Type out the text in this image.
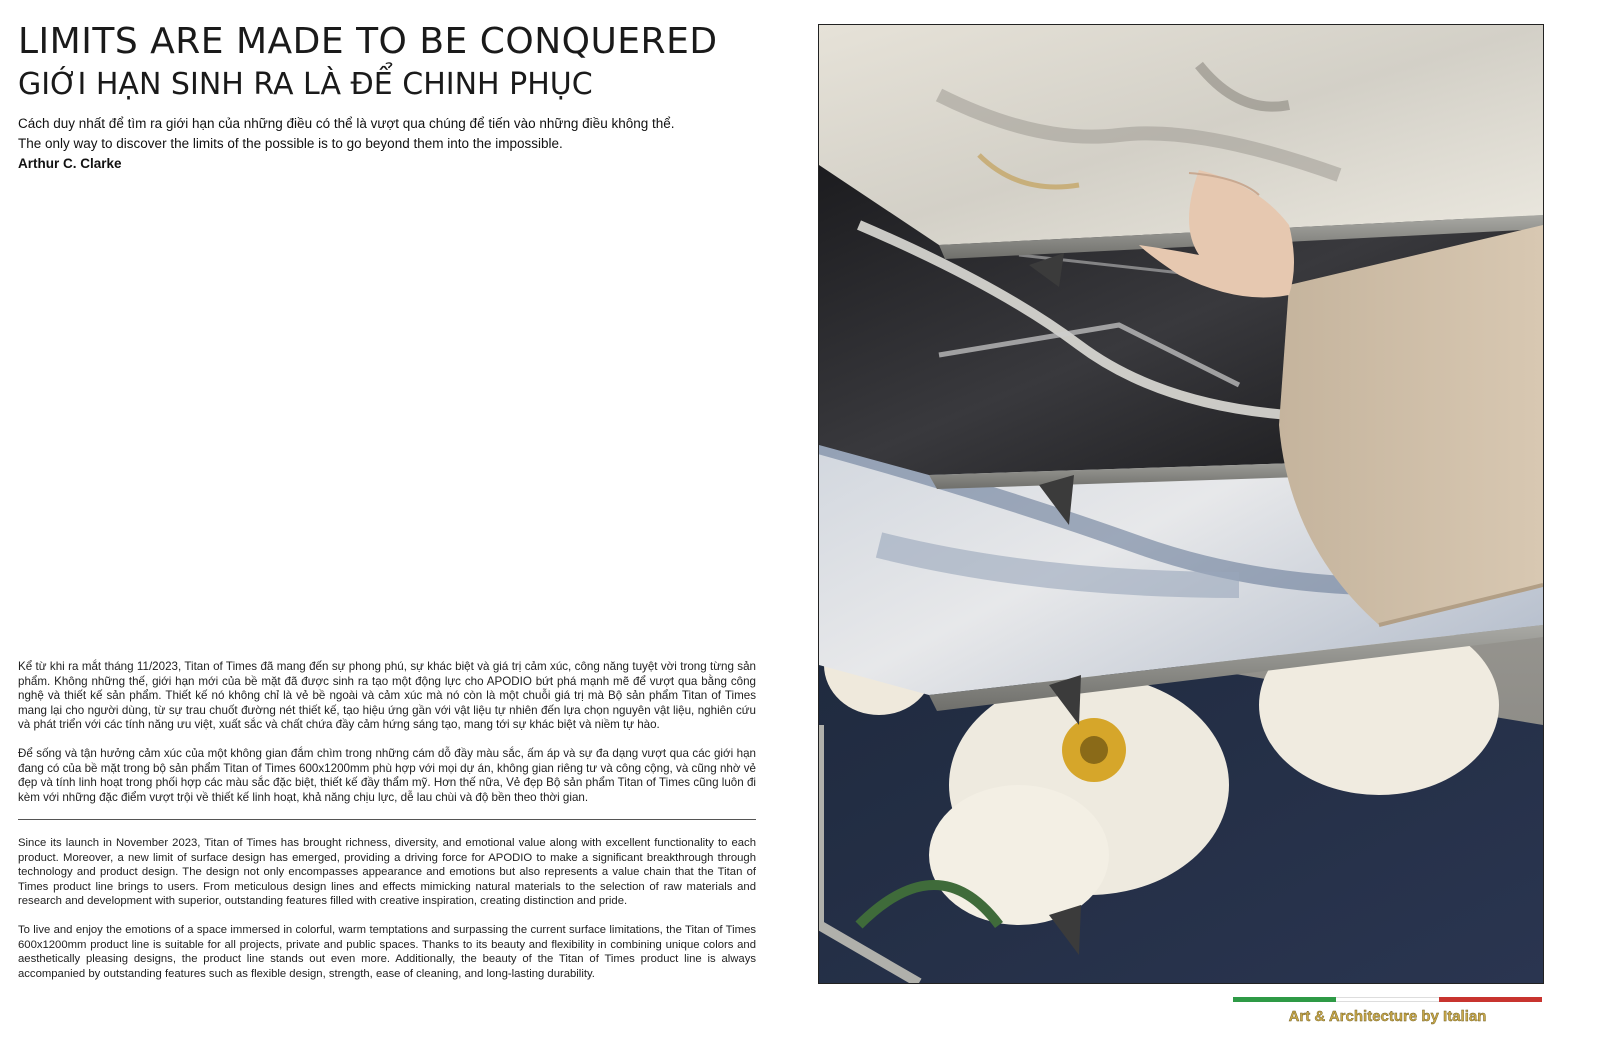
LIMITS ARE MADE TO BE CONQUERED
GIỚI HẠN SINH RA LÀ ĐỂ CHINH PHỤC
Cách duy nhất để tìm ra giới hạn của những điều có thể là vượt qua chúng để tiến vào những điều không thể.
The only way to discover the limits of the possible is to go beyond them into the impossible.
Arthur C. Clarke

Kể từ khi ra mắt tháng 11/2023, Titan of Times đã mang đến sự phong phú, sự khác biệt và giá trị cảm xúc, công năng tuyệt vời trong từng sản phẩm. Không những thế, giới hạn mới của bề mặt đã được sinh ra tạo một động lực cho APODIO bứt phá mạnh mẽ để vượt qua bằng công nghệ và thiết kế sản phẩm. Thiết kế nó không chỉ là vẻ bề ngoài và cảm xúc mà nó còn là một chuỗi giá trị mà Bộ sản phẩm Titan of Times mang lại cho người dùng, từ sự trau chuốt đường nét thiết kế, tạo hiệu ứng gần với vật liệu tự nhiên đến lựa chọn nguyên vật liệu, nghiên cứu và phát triển với các tính năng ưu việt, xuất sắc và chất chứa đầy cảm hứng sáng tạo, mang tới sự khác biệt và niềm tự hào.

Để sống và tận hưởng cảm xúc của một không gian đắm chìm trong những cám dỗ đầy màu sắc, ấm áp và sự đa dạng vượt qua các giới hạn đang có của bề mặt trong bộ sản phẩm Titan of Times 600x1200mm phù hợp với mọi dự án, không gian riêng tư và công cộng, và cũng nhờ vẻ đẹp và tính linh hoạt trong phối hợp các màu sắc đặc biệt, thiết kế đầy thẩm mỹ. Hơn thế nữa, Vẻ đẹp Bộ sản phẩm Titan of Times cũng luôn đi kèm với những đặc điểm vượt trội về thiết kế linh hoạt, khả năng chịu lực, dễ lau chùi và độ bền theo thời gian.

Since its launch in November 2023, Titan of Times has brought richness, diversity, and emotional value along with excellent functionality to each product. Moreover, a new limit of surface design has emerged, providing a driving force for APODIO to make a significant breakthrough through technology and product design. The design not only encompasses appearance and emotions but also represents a value chain that the Titan of Times product line brings to users. From meticulous design lines and effects mimicking natural materials to the selection of raw materials and research and development with superior, outstanding features filled with creative inspiration, creating distinction and pride.

To live and enjoy the emotions of a space immersed in colorful, warm temptations and surpassing the current surface limitations, the Titan of Times 600x1200mm product line is suitable for all projects, private and public spaces. Thanks to its beauty and flexibility in combining unique colors and aesthetically pleasing designs, the product line stands out even more. Additionally, the beauty of the Titan of Times product line is always accompanied by outstanding features such as flexible design, strength, ease of cleaning, and long-lasting durability.

Art & Architecture by Italian
